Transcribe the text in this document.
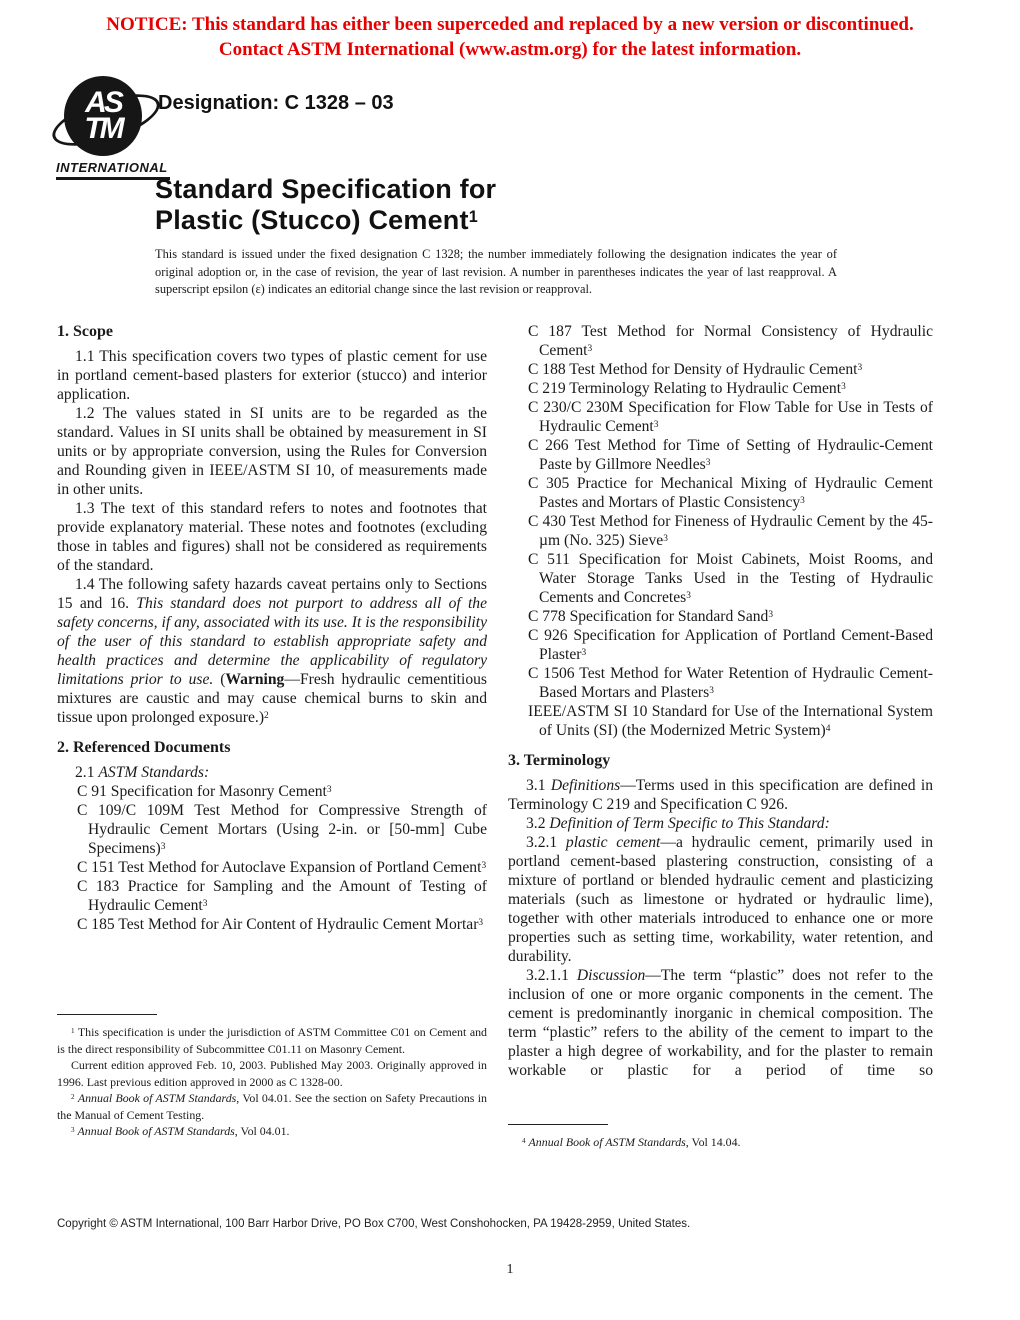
NOTICE: This standard has either been superceded and replaced by a new version or discontinued.
Contact ASTM International (www.astm.org) for the latest information.
AS
TM
INTERNATIONAL
Designation: C 1328 – 03
Standard Specification for
Plastic (Stucco) Cement$^1$
This standard is issued under the fixed designation C 1328; the number immediately following the designation indicates the year of original adoption or, in the case of revision, the year of last revision. A number in parentheses indicates the year of last reapproval. A superscript epsilon (ε) indicates an editorial change since the last revision or reapproval.
1. Scope

1.1 This specification covers two types of plastic cement for use in portland cement-based plasters for exterior (stucco) and interior application.

1.2 The values stated in SI units are to be regarded as the standard. Values in SI units shall be obtained by measurement in SI units or by appropriate conversion, using the Rules for Conversion and Rounding given in IEEE/ASTM SI 10, of measurements made in other units.

1.3 The text of this standard refers to notes and footnotes that provide explanatory material. These notes and footnotes (excluding those in tables and figures) shall not be considered as requirements of the standard.

1.4 The following safety hazards caveat pertains only to Sections 15 and 16. This standard does not purport to address all of the safety concerns, if any, associated with its use. It is the responsibility of the user of this standard to establish appropriate safety and health practices and determine the applicability of regulatory limitations prior to use. (Warning—Fresh hydraulic cementitious mixtures are caustic and may cause chemical burns to skin and tissue upon prolonged exposure.)$^2$

2. Referenced Documents

2.1 ASTM Standards:

C 91 Specification for Masonry Cement$^3$

C 109/C 109M Test Method for Compressive Strength of Hydraulic Cement Mortars (Using 2-in. or [50-mm] Cube Specimens)$^3$

C 151 Test Method for Autoclave Expansion of Portland Cement$^3$

C 183 Practice for Sampling and the Amount of Testing of Hydraulic Cement$^3$

C 185 Test Method for Air Content of Hydraulic Cement Mortar$^3$

C 187 Test Method for Normal Consistency of Hydraulic Cement$^3$

C 188 Test Method for Density of Hydraulic Cement$^3$

C 219 Terminology Relating to Hydraulic Cement$^3$

C 230/C 230M Specification for Flow Table for Use in Tests of Hydraulic Cement$^3$

C 266 Test Method for Time of Setting of Hydraulic-Cement Paste by Gillmore Needles$^3$

C 305 Practice for Mechanical Mixing of Hydraulic Cement Pastes and Mortars of Plastic Consistency$^3$

C 430 Test Method for Fineness of Hydraulic Cement by the 45-µm (No. 325) Sieve$^3$

C 511 Specification for Moist Cabinets, Moist Rooms, and Water Storage Tanks Used in the Testing of Hydraulic Cements and Concretes$^3$

C 778 Specification for Standard Sand$^3$

C 926 Specification for Application of Portland Cement-Based Plaster$^3$

C 1506 Test Method for Water Retention of Hydraulic Cement-Based Mortars and Plasters$^3$

IEEE/ASTM SI 10 Standard for Use of the International System of Units (SI) (the Modernized Metric System)$^4$

3. Terminology

3.1 Definitions—Terms used in this specification are defined in Terminology C 219 and Specification C 926.

3.2 Definition of Term Specific to This Standard:

3.2.1 plastic cement—a hydraulic cement, primarily used in portland cement-based plastering construction, consisting of a mixture of portland or blended hydraulic cement and plasticizing materials (such as limestone or hydrated or hydraulic lime), together with other materials introduced to enhance one or more properties such as setting time, workability, water retention, and durability.

3.2.1.1 Discussion—The term “plastic” does not refer to the inclusion of one or more organic components in the cement. The cement is predominantly inorganic in chemical composition. The term “plastic” refers to the ability of the cement to impart to the plaster a high degree of workability, and for the plaster to remain workable or plastic for a period of time so

$^1$ This specification is under the jurisdiction of ASTM Committee C01 on Cement and is the direct responsibility of Subcommittee C01.11 on Masonry Cement.

Current edition approved Feb. 10, 2003. Published May 2003. Originally approved in 1996. Last previous edition approved in 2000 as C 1328-00.

$^2$ Annual Book of ASTM Standards, Vol 04.01. See the section on Safety Precautions in the Manual of Cement Testing.

$^3$ Annual Book of ASTM Standards, Vol 04.01.

$^4$ Annual Book of ASTM Standards, Vol 14.04.

Copyright © ASTM International, 100 Barr Harbor Drive, PO Box C700, West Conshohocken, PA 19428-2959, United States.
1
